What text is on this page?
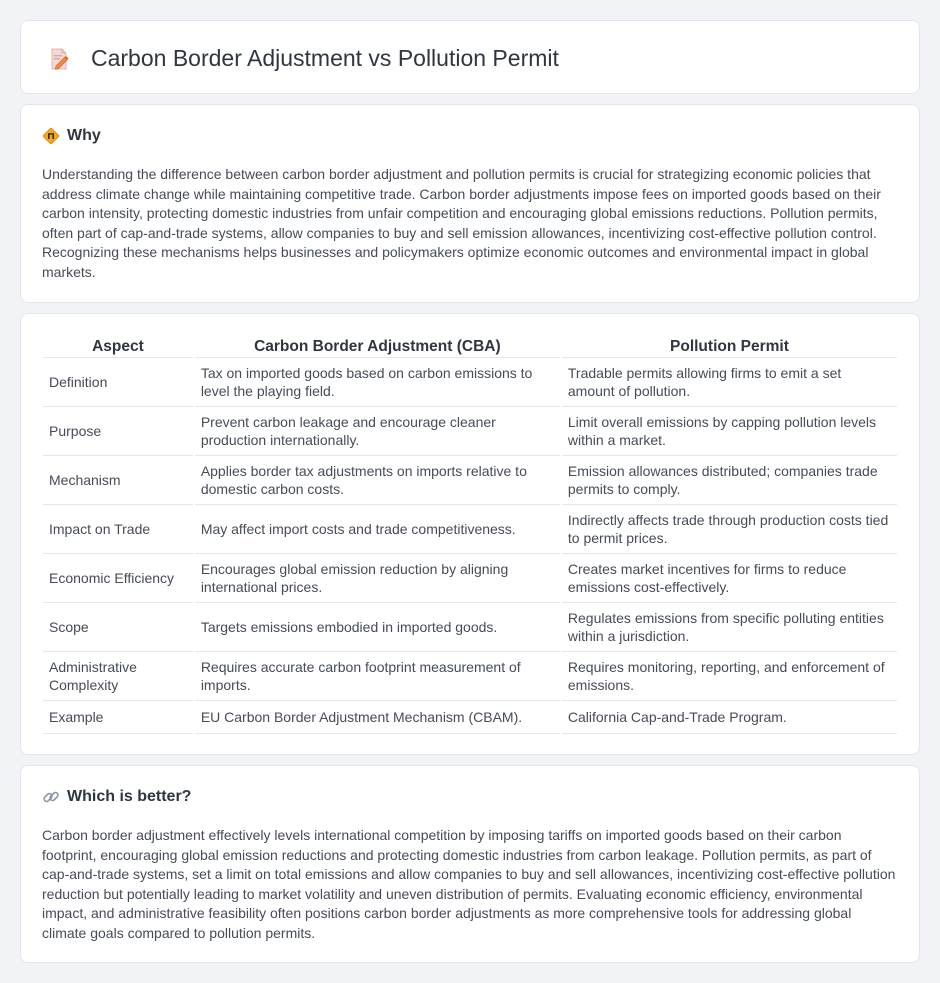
Carbon Border Adjustment vs Pollution Permit
Why

Understanding the difference between carbon border adjustment and pollution permits is crucial for strategizing economic policies that address climate change while maintaining competitive trade. Carbon border adjustments impose fees on imported goods based on their carbon intensity, protecting domestic industries from unfair competition and encouraging global emissions reductions. Pollution permits, often part of cap-and-trade systems, allow companies to buy and sell emission allowances, incentivizing cost-effective pollution control. Recognizing these mechanisms helps businesses and policymakers optimize economic outcomes and environmental impact in global markets.

Aspect	Carbon Border Adjustment (CBA)	Pollution Permit
Definition	Tax on imported goods based on carbon emissions to level the playing field.	Tradable permits allowing firms to emit a set amount of pollution.
Purpose	Prevent carbon leakage and encourage cleaner production internationally.	Limit overall emissions by capping pollution levels within a market.
Mechanism	Applies border tax adjustments on imports relative to domestic carbon costs.	Emission allowances distributed; companies trade permits to comply.
Impact on Trade	May affect import costs and trade competitiveness.	Indirectly affects trade through production costs tied to permit prices.
Economic Efficiency	Encourages global emission reduction by aligning international prices.	Creates market incentives for firms to reduce emissions cost-effectively.
Scope	Targets emissions embodied in imported goods.	Regulates emissions from specific polluting entities within a jurisdiction.
Administrative Complexity	Requires accurate carbon footprint measurement of imports.	Requires monitoring, reporting, and enforcement of emissions.
Example	EU Carbon Border Adjustment Mechanism (CBAM).	California Cap-and-Trade Program.
Which is better?

Carbon border adjustment effectively levels international competition by imposing tariffs on imported goods based on their carbon footprint, encouraging global emission reductions and protecting domestic industries from carbon leakage. Pollution permits, as part of cap-and-trade systems, set a limit on total emissions and allow companies to buy and sell allowances, incentivizing cost-effective pollution reduction but potentially leading to market volatility and uneven distribution of permits. Evaluating economic efficiency, environmental impact, and administrative feasibility often positions carbon border adjustments as more comprehensive tools for addressing global climate goals compared to pollution permits.
